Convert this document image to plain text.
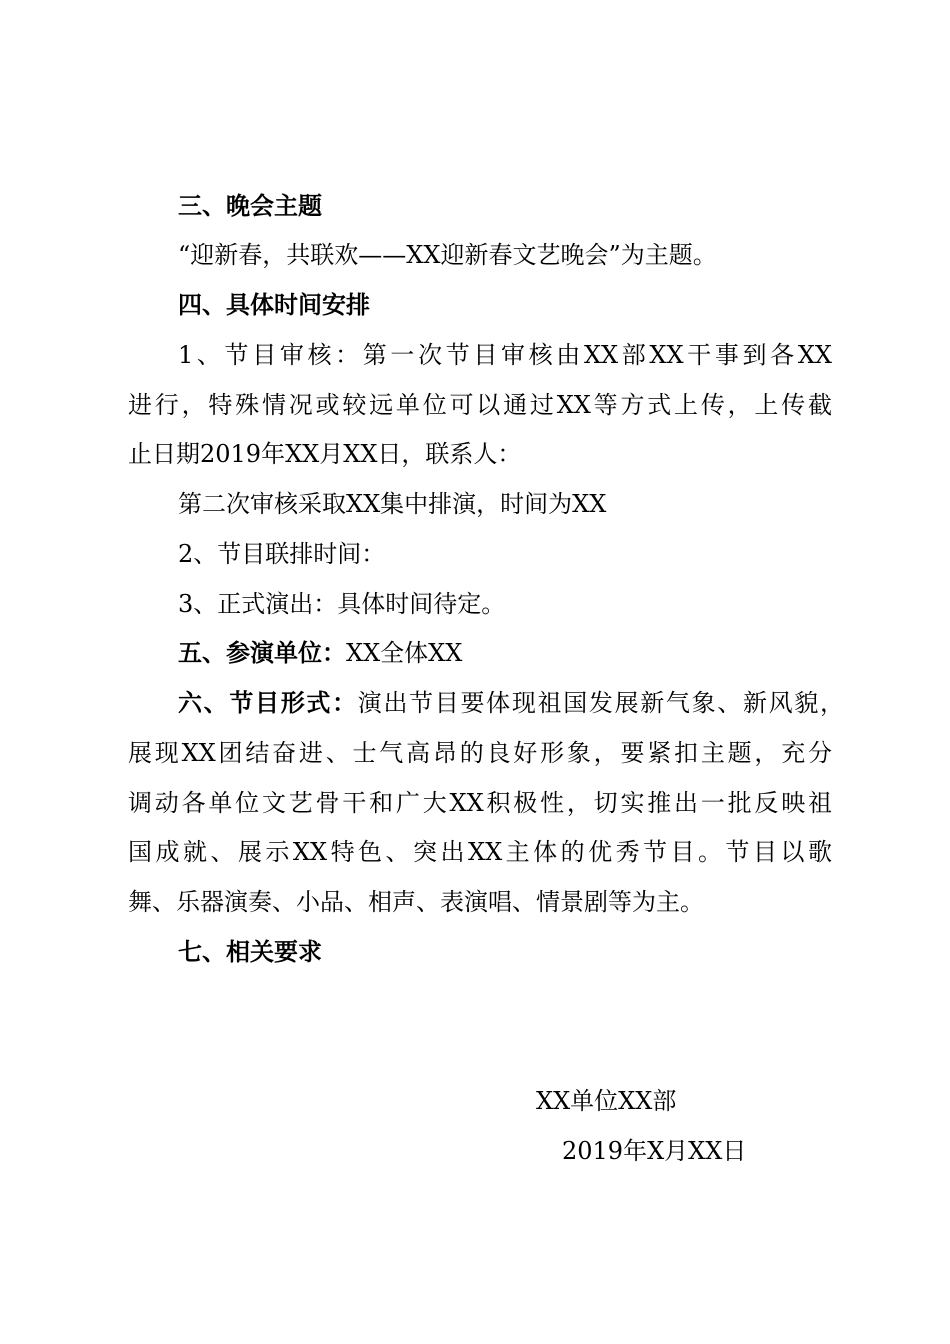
三、晚会主题
“迎新春，共联欢——XX迎新春文艺晚会”为主题。
四、具体时间安排
1、节目审核：第一次节目审核由XX部XX干事到各XX
进行，特殊情况或较远单位可以通过XX等方式上传，上传截
止日期2019年XX月XX日，联系人：
第二次审核采取XX集中排演，时间为XX
2、节目联排时间：
3、正式演出：具体时间待定。
五、参演单位：XX全体XX
六、节目形式：演出节目要体现祖国发展新气象、新风貌，
展现XX团结奋进、士气高昂的良好形象，要紧扣主题，充分
调动各单位文艺骨干和广大XX积极性，切实推出一批反映祖
国成就、展示XX特色、突出XX主体的优秀节目。节目以歌
舞、乐器演奏、小品、相声、表演唱、情景剧等为主。
七、相关要求
XX单位XX部
2019年X月XX日
